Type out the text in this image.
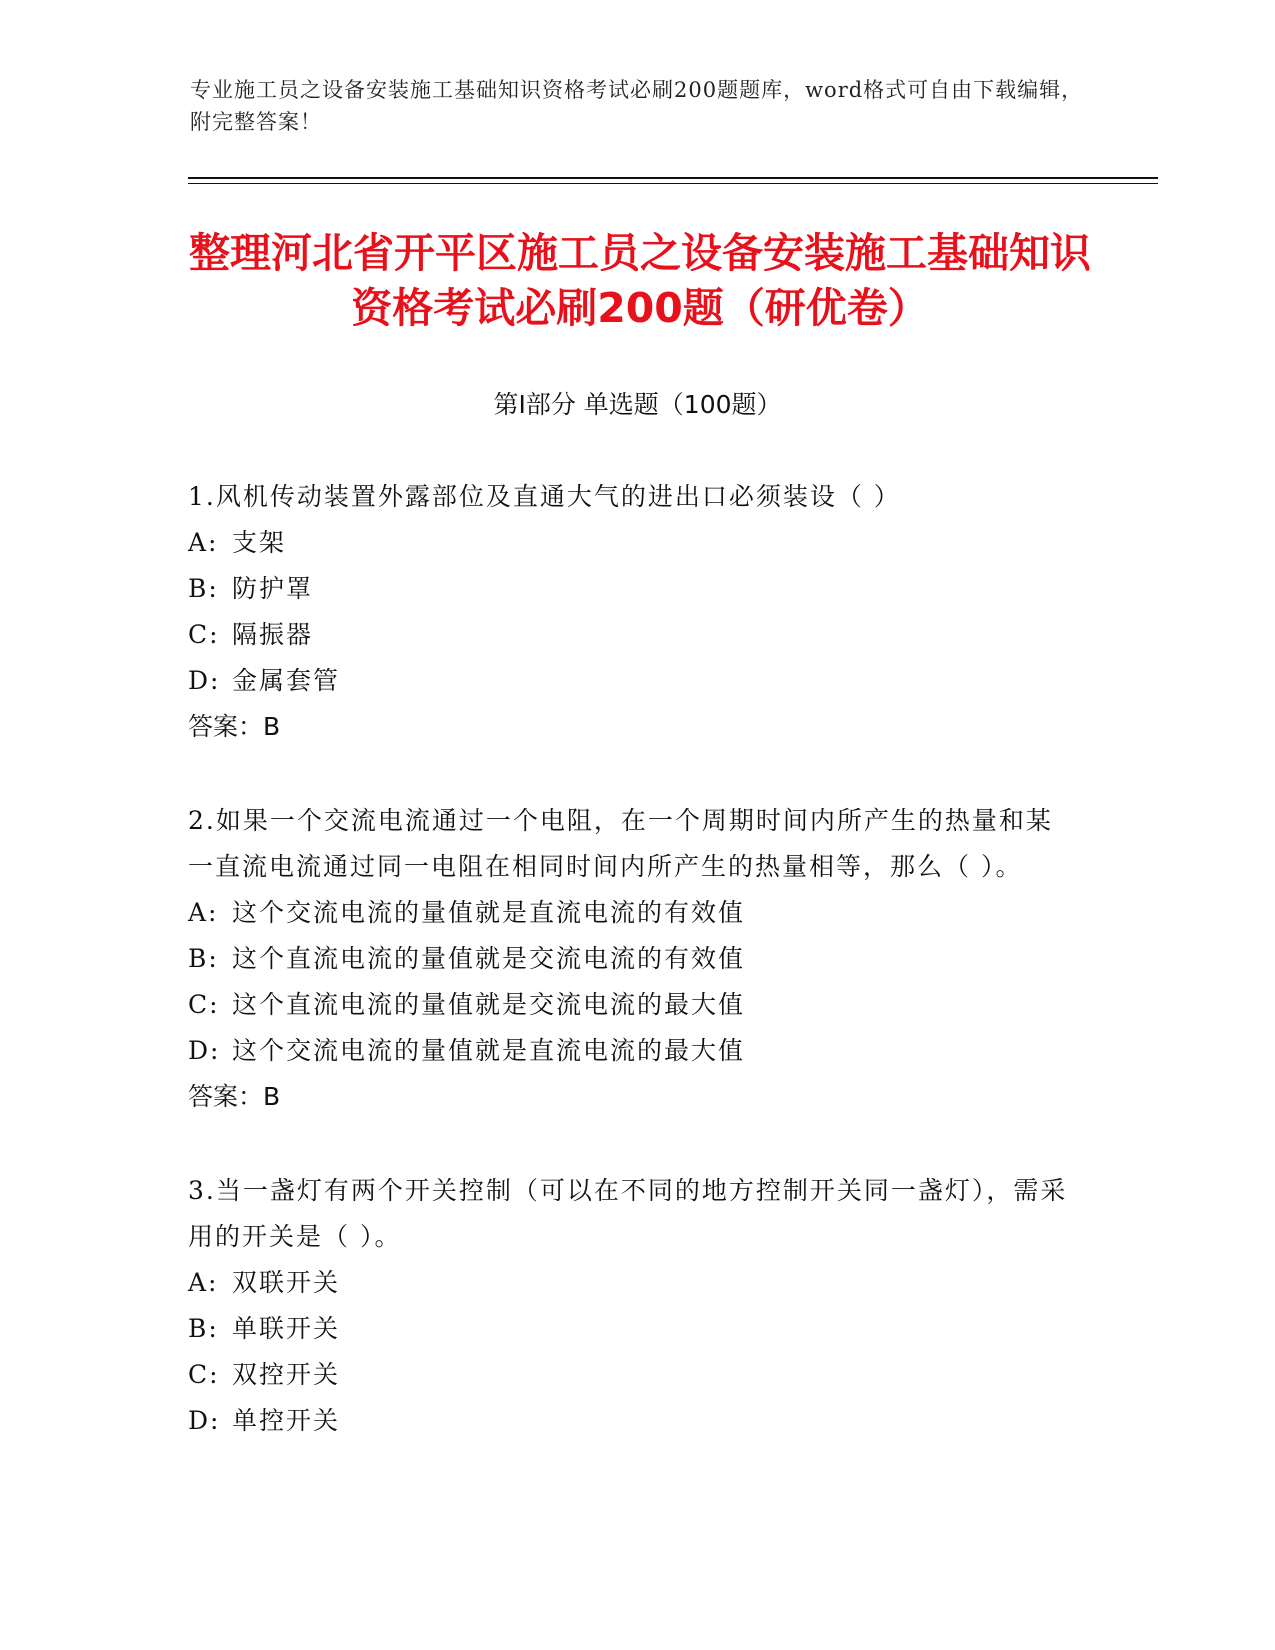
专业施工员之设备安装施工基础知识资格考试必刷200题题库，word格式可自由下载编辑，附完整答案！
整理河北省开平区施工员之设备安装施工基础知识资格考试必刷200题（研优卷）
第I部分 单选题（100题）
1.风机传动装置外露部位及直通大气的进出口必须装设（ ）
A: 支架
B: 防护罩
C: 隔振器
D: 金属套管
答案：B
2.如果一个交流电流通过一个电阻，在一个周期时间内所产生的热量和某一直流电流通过同一电阻在相同时间内所产生的热量相等，那么（ ）。
A: 这个交流电流的量值就是直流电流的有效值
B: 这个直流电流的量值就是交流电流的有效值
C: 这个直流电流的量值就是交流电流的最大值
D: 这个交流电流的量值就是直流电流的最大值
答案：B
3.当一盏灯有两个开关控制（可以在不同的地方控制开关同一盏灯），需采用的开关是（ ）。
A: 双联开关
B: 单联开关
C: 双控开关
D: 单控开关
